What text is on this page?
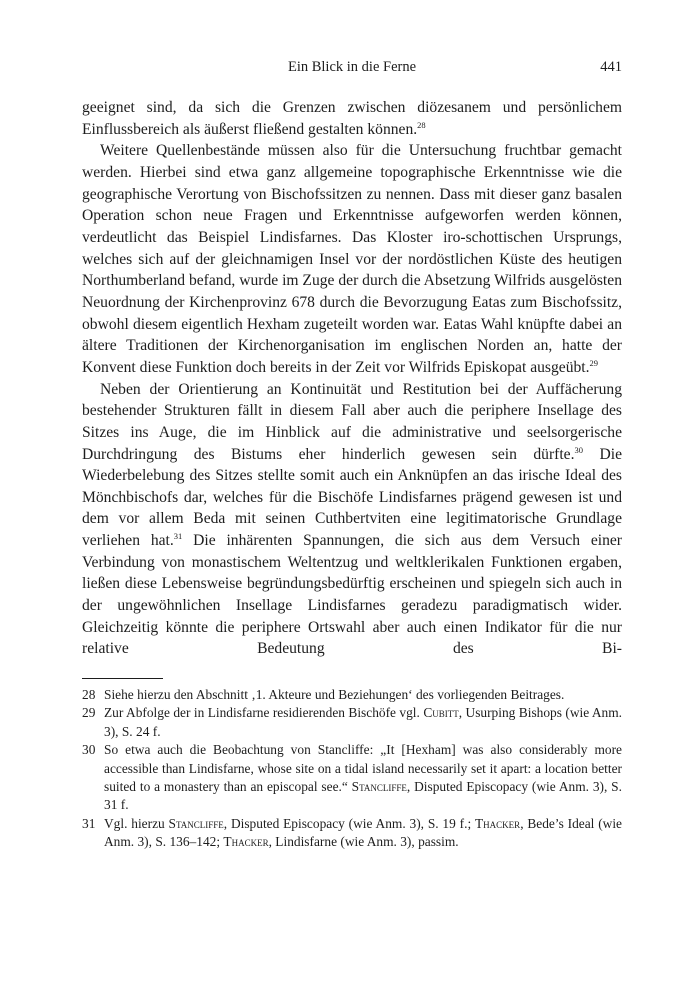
Ein Blick in die Ferne	441

geeignet sind, da sich die Grenzen zwischen diözesanem und persönlichem Einflussbereich als äußerst fließend gestalten können.$^{28}$

Weitere Quellenbestände müssen also für die Untersuchung fruchtbar gemacht werden. Hierbei sind etwa ganz allgemeine topographische Erkenntnisse wie die geographische Verortung von Bischofssitzen zu nennen. Dass mit dieser ganz basalen Operation schon neue Fragen und Erkenntnisse aufgeworfen werden können, verdeutlicht das Beispiel Lindisfarnes. Das Kloster iro-schottischen Ursprungs, welches sich auf der gleichnamigen Insel vor der nordöstlichen Küste des heutigen Northumberland befand, wurde im Zuge der durch die Absetzung Wilfrids ausgelösten Neuordnung der Kirchenprovinz 678 durch die Bevorzugung Eatas zum Bischofssitz, obwohl diesem eigentlich Hexham zugeteilt worden war. Eatas Wahl knüpfte dabei an ältere Traditionen der Kirchenorganisation im englischen Norden an, hatte der Konvent diese Funktion doch bereits in der Zeit vor Wilfrids Episkopat ausgeübt.$^{29}$

Neben der Orientierung an Kontinuität und Restitution bei der Auffächerung bestehender Strukturen fällt in diesem Fall aber auch die periphere Insellage des Sitzes ins Auge, die im Hinblick auf die administrative und seelsorgerische Durchdringung des Bistums eher hinderlich gewesen sein dürfte.$^{30}$ Die Wiederbelebung des Sitzes stellte somit auch ein Anknüpfen an das irische Ideal des Mönchbischofs dar, welches für die Bischöfe Lindisfarnes prägend gewesen ist und dem vor allem Beda mit seinen Cuthbertviten eine legitimatorische Grundlage verliehen hat.$^{31}$ Die inhärenten Spannungen, die sich aus dem Versuch einer Verbindung von monastischem Weltentzug und weltklerikalen Funktionen ergaben, ließen diese Lebensweise begründungsbedürftig erscheinen und spiegeln sich auch in der ungewöhnlichen Insellage Lindisfarnes geradezu paradigmatisch wider. Gleichzeitig könnte die periphere Ortswahl aber auch einen Indikator für die nur relative Bedeutung des Bi-

28 Siehe hierzu den Abschnitt ‚1. Akteure und Beziehungen‘ des vorliegenden Beitrages.

29 Zur Abfolge der in Lindisfarne residierenden Bischöfe vgl. Cubitt, Usurping Bishops (wie Anm. 3), S. 24 f.

30 So etwa auch die Beobachtung von Stancliffe: „It [Hexham] was also considerably more accessible than Lindisfarne, whose site on a tidal island necessarily set it apart: a location better suited to a monastery than an episcopal see.“ Stancliffe, Disputed Episcopacy (wie Anm. 3), S. 31 f.

31 Vgl. hierzu Stancliffe, Disputed Episcopacy (wie Anm. 3), S. 19 f.; Thacker, Bede’s Ideal (wie Anm. 3), S. 136–142; Thacker, Lindisfarne (wie Anm. 3), passim.
